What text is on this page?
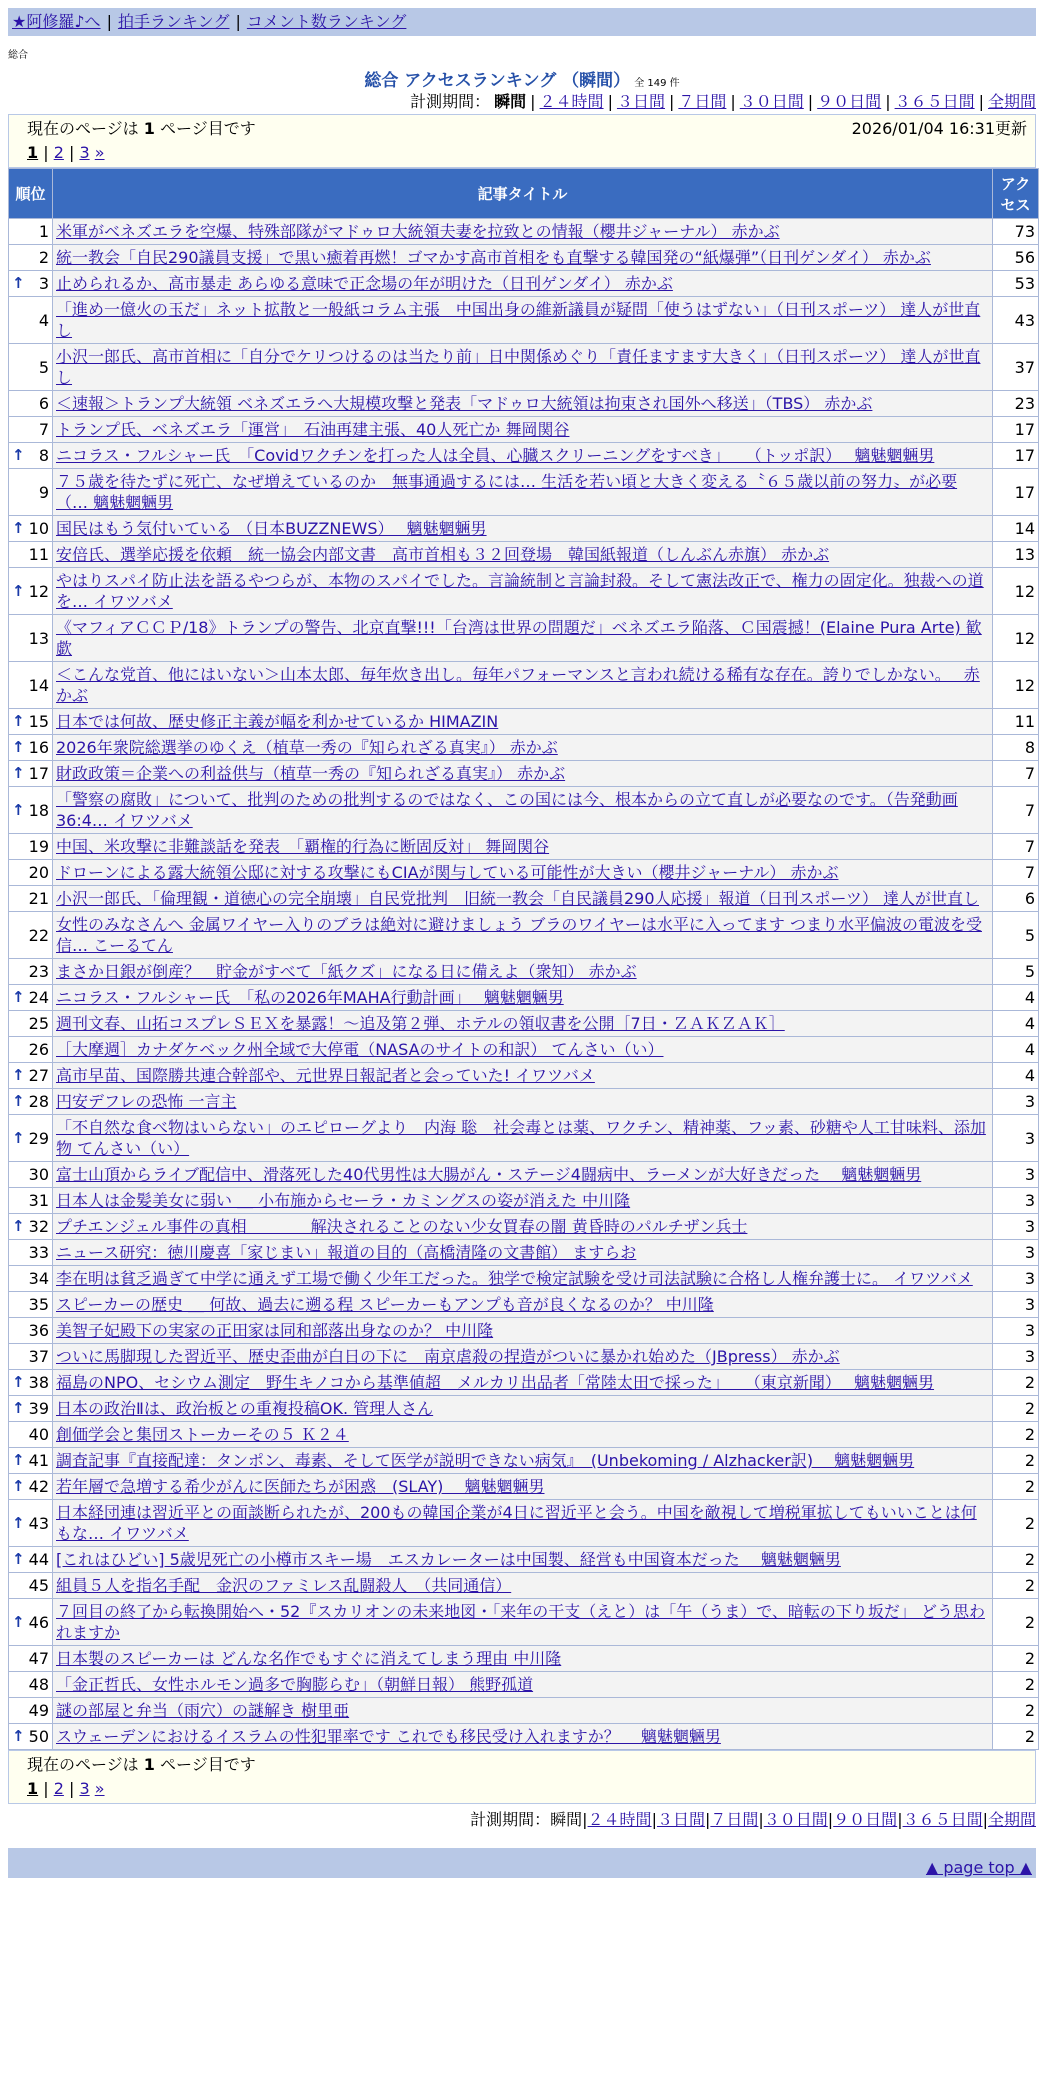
★阿修羅♪へ | 拍手ランキング | コメント数ランキング
総合
総合 アクセスランキング （瞬間） 全 149 件
計測期間： 瞬間 | ２４時間 | ３日間 | ７日間 | ３０日間 | ９０日間 | ３６５日間 | 全期間
現在のページは 1 ページ目です	2026/01/04 16:31更新
1 | 2 | 3 »
順位	記事タイトル	アクセス
1	米軍がベネズエラを空爆、特殊部隊がマドゥロ大統領夫妻を拉致との情報（櫻井ジャーナル） 赤かぶ	73
2	統一教会「自民290議員支援」で黒い癒着再燃！ゴマかす高市首相をも直撃する韓国発の“紙爆弾”（日刊ゲンダイ） 赤かぶ	56

↑ 3	止められるか、高市暴走 あらゆる意味で正念場の年が明けた（日刊ゲンダイ） 赤かぶ	53
4	「進め一億火の玉だ」ネット拡散と一般紙コラム主張　中国出身の維新議員が疑問「使うはずない」（日刊スポーツ） 達人が世直し	43
5	小沢一郎氏、高市首相に「自分でケリつけるのは当たり前」日中関係めぐり「責任ますます大きく」（日刊スポーツ） 達人が世直し	37
6	＜速報＞トランプ大統領 ベネズエラへ大規模攻撃と発表「マドゥロ大統領は拘束され国外へ移送」（TBS） 赤かぶ	23
7	トランプ氏、ベネズエラ「運営」　石油再建主張、40人死亡か 舞岡関谷	17

↑ 8	ニコラス・フルシャー氏　「Covidワクチンを打った人は全員、心臓スクリーニングをすべき」　　（トッポ訳）　 魑魅魍魎男	17
9	７５歳を待たずに死亡、なぜ増えているのか　無事通過するには… 生活を若い頃と大きく変える〝６５歳以前の努力〟が必要（… 魑魅魍魎男	17

↑ 10	国民はもう気付いている （日本BUZZNEWS）　 魑魅魍魎男	14
11	安倍氏、選挙応援を依頼　統一協会内部文書　高市首相も３２回登場　韓国紙報道（しんぶん赤旗） 赤かぶ	13

↑ 12	やはりスパイ防止法を語るやつらが、本物のスパイでした。言論統制と言論封殺。そして憲法改正で、権力の固定化。独裁への道を… イワツバメ	12
13	《マフィアＣＣＰ/18》トランプの警告、北京直撃!!!「台湾は世界の問題だ」ベネズエラ陥落、Ｃ国震撼！(Elaine Pura Arte) 歓歔	12
14	＜こんな党首、他にはいない＞山本太郎、毎年炊き出し。毎年パフォーマンスと言われ続ける稀有な存在。誇りでしかない。　 赤かぶ	12

↑ 15	日本では何故、歴史修正主義が幅を利かせているか HIMAZIN	11

↑ 16	2026年衆院総選挙のゆくえ（植草一秀の『知られざる真実』） 赤かぶ	8

↑ 17	財政政策＝企業への利益供与（植草一秀の『知られざる真実』） 赤かぶ	7

↑ 18	「警察の腐敗」について、批判のための批判するのではなく、この国には今、根本からの立て直しが必要なのです。（告発動画36:4… イワツバメ	7
19	中国、米攻撃に非難談話を発表　「覇権的行為に断固反対」 舞岡関谷	7
20	ドローンによる露大統領公邸に対する攻撃にもCIAが関与している可能性が大きい（櫻井ジャーナル） 赤かぶ	7
21	小沢一郎氏、「倫理観・道徳心の完全崩壊」自民党批判　旧統一教会「自民議員290人応援」報道（日刊スポーツ） 達人が世直し	6
22	女性のみなさんへ 金属ワイヤー入りのブラは絶対に避けましょう ブラのワイヤーは水平に入ってます つまり水平偏波の電波を受信… こーるてん	5
23	まさか日銀が倒産？　貯金がすべて「紙クズ」になる日に備えよ（衆知） 赤かぶ	5

↑ 24	ニコラス・フルシャー氏　「私の2026年MAHA行動計画」　 魑魅魍魎男	4
25	週刊文春、山拓コスプレＳＥＸを暴露！～追及第２弾、ホテルの領収書を公開［7日・ＺＡＫＺＡＫ］	4
26	［大摩週］カナダケベック州全域で大停電（NASAのサイトの和訳） てんさい（い）	4

↑ 27	高市早苗、国際勝共連合幹部や、元世界日報記者と会っていた! イワツバメ	4

↑ 28	円安デフレの恐怖 一言主	3

↑ 29	「不自然な食べ物はいらない」のエピローグより　内海 聡　社会毒とは薬、ワクチン、精神薬、フッ素、砂糖や人工甘味料、添加物 てんさい（い）	3
30	富士山頂からライブ配信中、滑落死した40代男性は大腸がん・ステージ4闘病中、ラーメンが大好きだった　 魑魅魍魎男	3
31	日本人は金髪美女に弱い ＿ 小布施からセーラ・カミングスの姿が消えた 中川隆	3

↑ 32	プチエンジェル事件の真相　　　　解決されることのない少女買春の闇 黄昏時のパルチザン兵士	3
33	ニュース研究：徳川慶喜「家じまい」報道の目的（高橋清隆の文書館） ますらお	3
34	李在明は貧乏過ぎて中学に通えず工場で働く少年工だった。独学で検定試験を受け司法試験に合格し人権弁護士に。 イワツバメ	3
35	スピーカーの歴史 ＿ 何故、過去に遡る程 スピーカーもアンプも音が良くなるのか？ 中川隆	3
36	美智子妃殿下の実家の正田家は同和部落出身なのか？ 中川隆	3
37	ついに馬脚現した習近平、歴史歪曲が白日の下に　南京虐殺の捏造がついに暴かれ始めた（JBpress） 赤かぶ	3

↑ 38	福島のNPO、セシウム測定　野生キノコから基準値超　メルカリ出品者「常陸太田で採った」　　（東京新聞）　 魑魅魍魎男	2

↑ 39	日本の政治Ⅱは、政治板との重複投稿OK. 管理人さん	2
40	創価学会と集団ストーカーその５ Ｋ２４	2

↑ 41	調査記事『直接配達：タンポン、毒素、そして医学が説明できない病気』　(Unbekoming / Alzhacker訳)　 魑魅魍魎男	2

↑ 42	若年層で急増する希少がんに医師たちが困惑　(SLAY)　 魑魅魍魎男	2

↑ 43	日本経団連は習近平との面談断られたが、200もの韓国企業が4日に習近平と会う。中国を敵視して増税軍拡してもいいことは何もな… イワツバメ	2

↑ 44	[これはひどい] 5歳児死亡の小樽市スキー場　エスカレーターは中国製、経営も中国資本だった　 魑魅魍魎男	2
45	組員５人を指名手配　金沢のファミレス乱闘殺人　（共同通信）	2

↑ 46	７回目の終了から転換開始へ・52『スカリオンの未来地図・「来年の干支（えと）は「午（うま）で、暗転の下り坂だ」 どう思われますか	2
47	日本製のスピーカーは どんな名作でもすぐに消えてしまう理由 中川隆	2
48	「金正哲氏、女性ホルモン過多で胸膨らむ」（朝鮮日報） 熊野孤道	2
49	謎の部屋と弁当（雨穴）の謎解き 樹里亜	2

↑ 50	スウェーデンにおけるイスラムの性犯罪率です これでも移民受け入れますか？　 魑魅魍魎男	2
現在のページは 1 ページ目です
1 | 2 | 3 »
計測期間：瞬間|２４時間|３日間|７日間|３０日間|９０日間|３６５日間|全期間
▲ page top ▲
